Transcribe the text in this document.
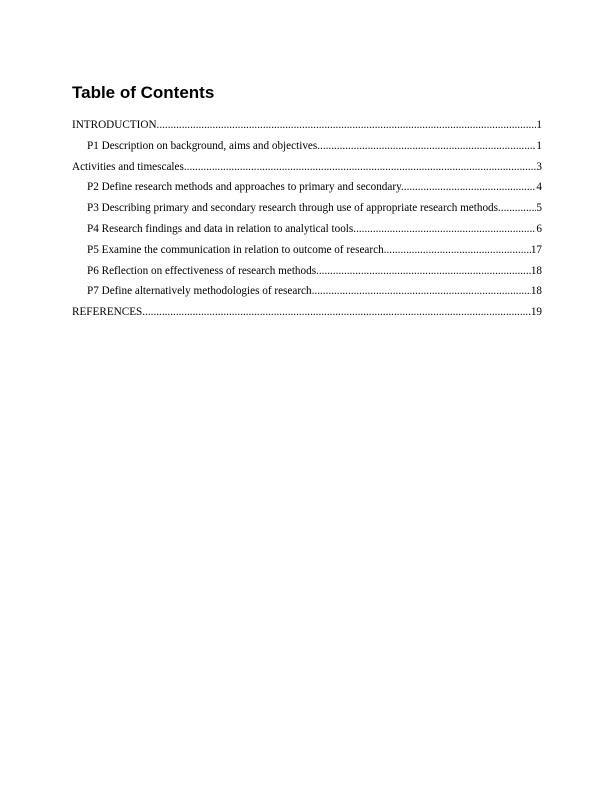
Table of Contents
INTRODUCTION .....	1
P1 Description on background, aims and objectives. .....	1
Activities and timescales .....	3
P2 Define research methods and approaches to primary and secondary. .....	4
P3 Describing primary and secondary research through use of appropriate research methods. .....	5
P4 Research findings and data in relation to analytical tools. .....	6
P5 Examine the communication in relation to outcome of research. .....	17
P6 Reflection on effectiveness of research methods .....	18
P7 Define alternatively methodologies of research. .....	18
REFERENCES .....	19
